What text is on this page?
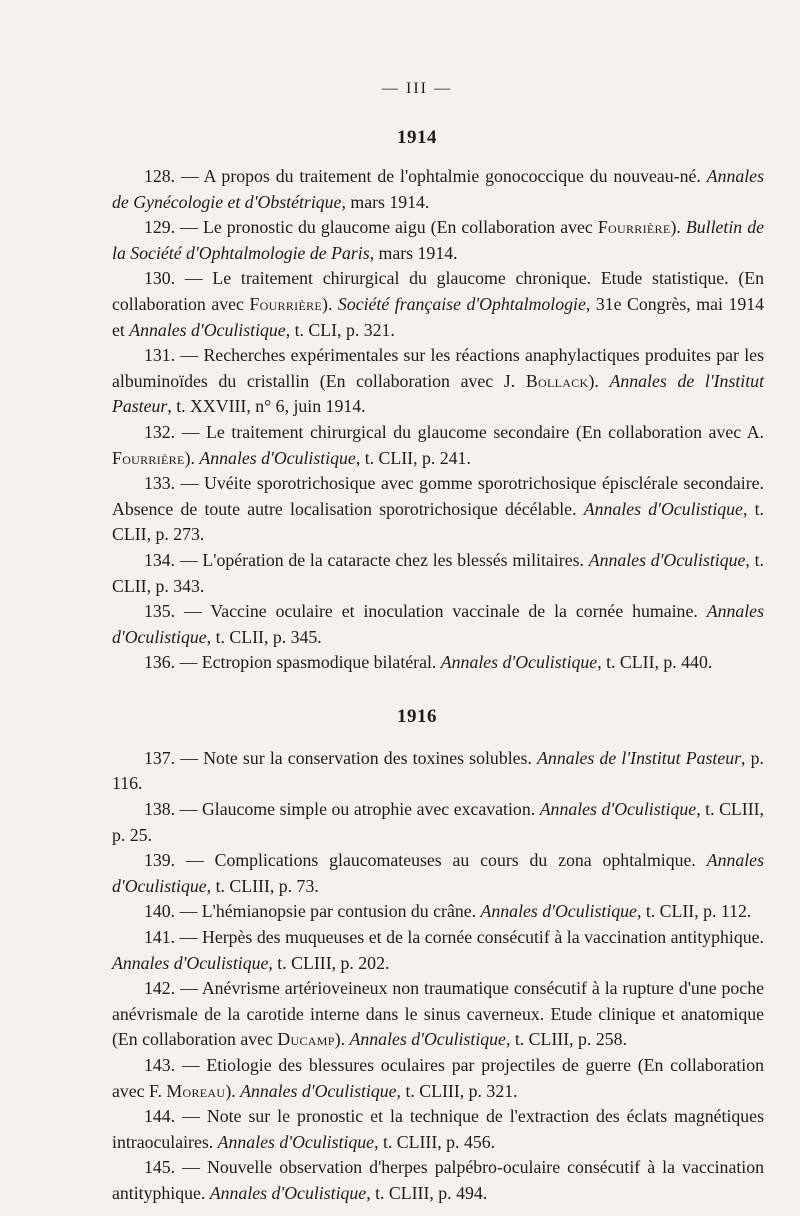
— III —
1914

128. — A propos du traitement de l'ophtalmie gonococcique du nouveau-né. Annales de Gynécologie et d'Obstétrique, mars 1914.

129. — Le pronostic du glaucome aigu (En collaboration avec Fourrière). Bulletin de la Société d'Ophtalmologie de Paris, mars 1914.

130. — Le traitement chirurgical du glaucome chronique. Etude statistique. (En collaboration avec Fourrière). Société française d'Ophtalmologie, 31e Congrès, mai 1914 et Annales d'Oculistique, t. CLI, p. 321.

131. — Recherches expérimentales sur les réactions anaphylactiques produites par les albuminoïdes du cristallin (En collaboration avec J. Bollack). Annales de l'Institut Pasteur, t. XXVIII, n° 6, juin 1914.

132. — Le traitement chirurgical du glaucome secondaire (En collaboration avec A. Fourrière). Annales d'Oculistique, t. CLII, p. 241.

133. — Uvéite sporotrichosique avec gomme sporotrichosique épisclérale secondaire. Absence de toute autre localisation sporotrichosique décélable. Annales d'Oculistique, t. CLII, p. 273.

134. — L'opération de la cataracte chez les blessés militaires. Annales d'Oculistique, t. CLII, p. 343.

135. — Vaccine oculaire et inoculation vaccinale de la cornée humaine. Annales d'Oculistique, t. CLII, p. 345.

136. — Ectropion spasmodique bilatéral. Annales d'Oculistique, t. CLII, p. 440.

1916

137. — Note sur la conservation des toxines solubles. Annales de l'Institut Pasteur, p. 116.

138. — Glaucome simple ou atrophie avec excavation. Annales d'Oculistique, t. CLIII, p. 25.

139. — Complications glaucomateuses au cours du zona ophtalmique. Annales d'Oculistique, t. CLIII, p. 73.

140. — L'hémianopsie par contusion du crâne. Annales d'Oculistique, t. CLII, p. 112.

141. — Herpès des muqueuses et de la cornée consécutif à la vaccination antityphique. Annales d'Oculistique, t. CLIII, p. 202.

142. — Anévrisme artérioveineux non traumatique consécutif à la rupture d'une poche anévrismale de la carotide interne dans le sinus caverneux. Etude clinique et anatomique (En collaboration avec Ducamp). Annales d'Oculistique, t. CLIII, p. 258.

143. — Etiologie des blessures oculaires par projectiles de guerre (En collaboration avec F. Moreau). Annales d'Oculistique, t. CLIII, p. 321.

144. — Note sur le pronostic et la technique de l'extraction des éclats magnétiques intraoculaires. Annales d'Oculistique, t. CLIII, p. 456.

145. — Nouvelle observation d'herpes palpébro-oculaire consécutif à la vaccination antityphique. Annales d'Oculistique, t. CLIII, p. 494.
